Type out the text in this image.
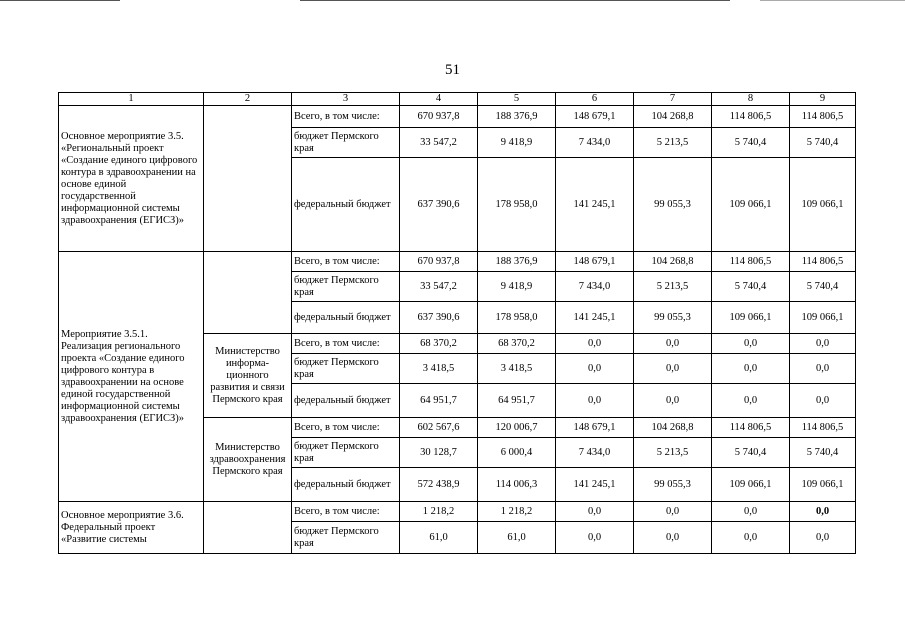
51
1	2	3	4	5	6	7	8	9
Основное мероприятие 3.5. «Региональный проект «Создание единого цифрового контура в здравоохранении на основе единой государственной информационной системы здравоохранения (ЕГИСЗ)»		Всего, в том числе:	670 937,8	188 376,9	148 679,1	104 268,8	114 806,5	114 806,5
		бюджет Пермского края	33 547,2	9 418,9	7 434,0	5 213,5	5 740,4	5 740,4
		федеральный бюджет	637 390,6	178 958,0	141 245,1	99 055,3	109 066,1	109 066,1
Мероприятие 3.5.1. Реализация регионального проекта «Создание единого цифрового контура в здравоохранении на основе единой государственной информационной системы здравоохранения (ЕГИСЗ)»		Всего, в том числе:	670 937,8	188 376,9	148 679,1	104 268,8	114 806,5	114 806,5
		бюджет Пермского края	33 547,2	9 418,9	7 434,0	5 213,5	5 740,4	5 740,4
		федеральный бюджет	637 390,6	178 958,0	141 245,1	99 055,3	109 066,1	109 066,1
	Министерство информа-ционного развития и связи Пермского края	Всего, в том числе:	68 370,2	68 370,2	0,0	0,0	0,0	0,0
		бюджет Пермского края	3 418,5	3 418,5	0,0	0,0	0,0	0,0
		федеральный бюджет	64 951,7	64 951,7	0,0	0,0	0,0	0,0
	Министерство здравоохранения Пермского края	Всего, в том числе:	602 567,6	120 006,7	148 679,1	104 268,8	114 806,5	114 806,5
		бюджет Пермского края	30 128,7	6 000,4	7 434,0	5 213,5	5 740,4	5 740,4
		федеральный бюджет	572 438,9	114 006,3	141 245,1	99 055,3	109 066,1	109 066,1
Основное мероприятие 3.6. Федеральный проект «Развитие системы		Всего, в том числе:	1 218,2	1 218,2	0,0	0,0	0,0	0,0
		бюджет Пермского края	61,0	61,0	0,0	0,0	0,0	0,0
